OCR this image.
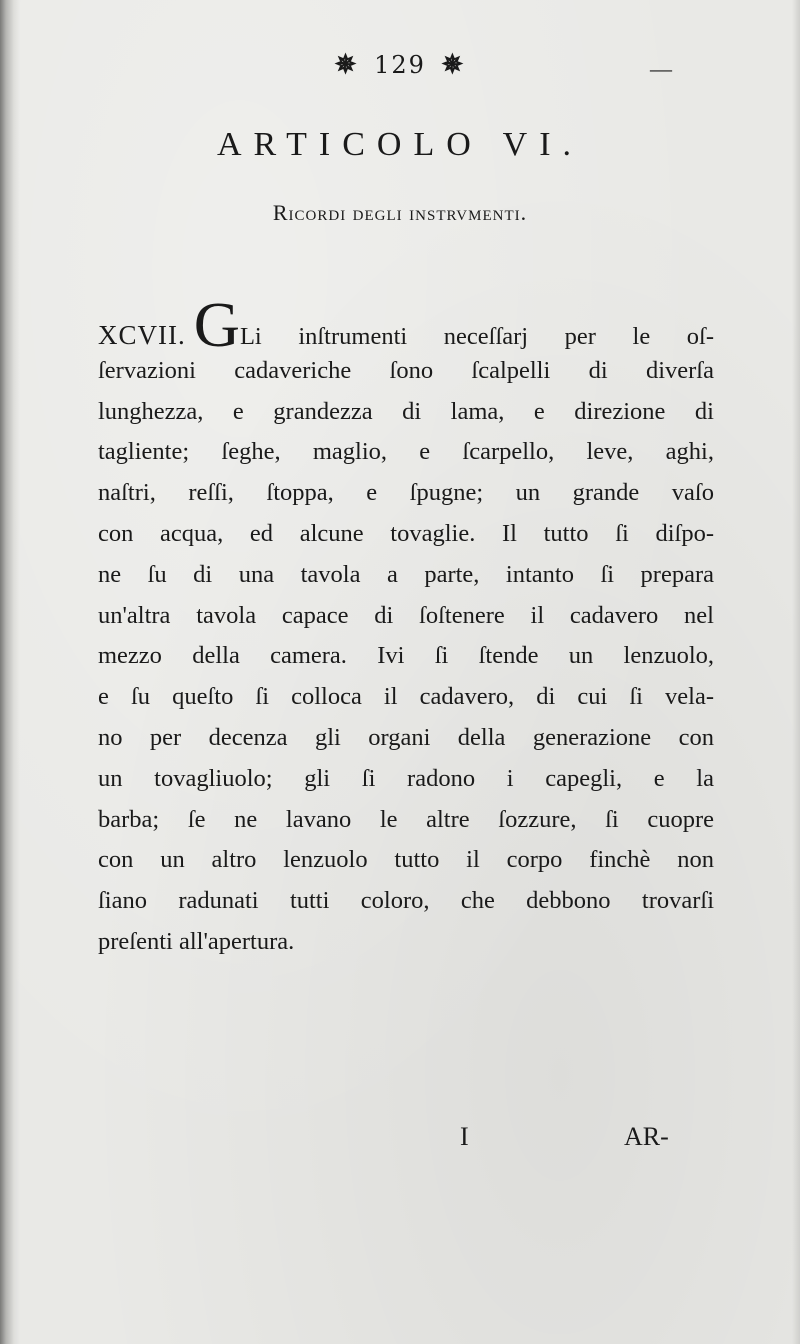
✵ 129 ✵	—
ARTICOLO VI.
Ricordi degli instrvmenti.
XCVII. GLi inſtrumenti neceſſarj per le oſ-
ſervazioni cadaveriche ſono ſcalpelli di diverſa
lunghezza, e grandezza di lama, e direzione di
tagliente; ſeghe, maglio, e ſcarpello, leve, aghi,
naſtri, reſſi, ſtoppa, e ſpugne; un grande vaſo
con acqua, ed alcune tovaglie. Il tutto ſi diſpo-
ne ſu di una tavola a parte, intanto ſi prepara
un'altra tavola capace di ſoſtenere il cadavero nel
mezzo della camera. Ivi ſi ſtende un lenzuolo,
e ſu queſto ſi colloca il cadavero, di cui ſi vela-
no per decenza gli organi della generazione con
un tovagliuolo; gli ſi radono i capegli, e la
barba; ſe ne lavano le altre ſozzure, ſi cuopre
con un altro lenzuolo tutto il corpo finchè non
ſiano radunati tutti coloro, che debbono trovarſi
preſenti all'apertura.
I	AR-
